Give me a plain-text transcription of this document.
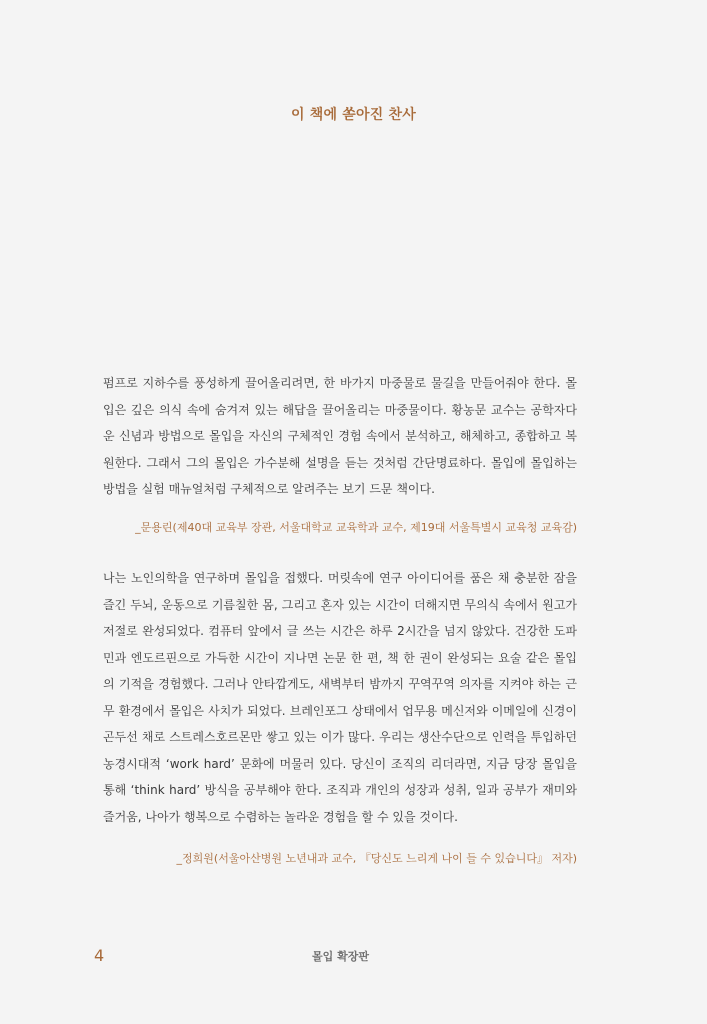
이 책에 쏟아진 찬사

펌프로 지하수를 풍성하게 끌어올리려면, 한 바가지 마중물로 물길을 만들어줘야 한다. 몰입은 깊은 의식 속에 숨겨져 있는 해답을 끌어올리는 마중물이다. 황농문 교수는 공학자다운 신념과 방법으로 몰입을 자신의 구체적인 경험 속에서 분석하고, 해체하고, 종합하고 복원한다. 그래서 그의 몰입은 가수분해 설명을 듣는 것처럼 간단명료하다. 몰입에 몰입하는 방법을 실험 매뉴얼처럼 구체적으로 알려주는 보기 드문 책이다.

_문용린(제40대 교육부 장관, 서울대학교 교육학과 교수, 제19대 서울특별시 교육청 교육감)

나는 노인의학을 연구하며 몰입을 접했다. 머릿속에 연구 아이디어를 품은 채 충분한 잠을 즐긴 두뇌, 운동으로 기름칠한 몸, 그리고 혼자 있는 시간이 더해지면 무의식 속에서 원고가 저절로 완성되었다. 컴퓨터 앞에서 글 쓰는 시간은 하루 2시간을 넘지 않았다. 건강한 도파민과 엔도르핀으로 가득한 시간이 지나면 논문 한 편, 책 한 권이 완성되는 요술 같은 몰입의 기적을 경험했다. 그러나 안타깝게도, 새벽부터 밤까지 꾸역꾸역 의자를 지켜야 하는 근무 환경에서 몰입은 사치가 되었다. 브레인포그 상태에서 업무용 메신저와 이메일에 신경이 곤두선 채로 스트레스호르몬만 쌓고 있는 이가 많다. 우리는 생산수단으로 인력을 투입하던 농경시대적 ‘work hard’ 문화에 머물러 있다. 당신이 조직의 리더라면, 지금 당장 몰입을 통해 ‘think hard’ 방식을 공부해야 한다. 조직과 개인의 성장과 성취, 일과 공부가 재미와 즐거움, 나아가 행복으로 수렴하는 놀라운 경험을 할 수 있을 것이다.

_정희원(서울아산병원 노년내과 교수, 『당신도 느리게 나이 들 수 있습니다』 저자)
4	몰입 확장판
